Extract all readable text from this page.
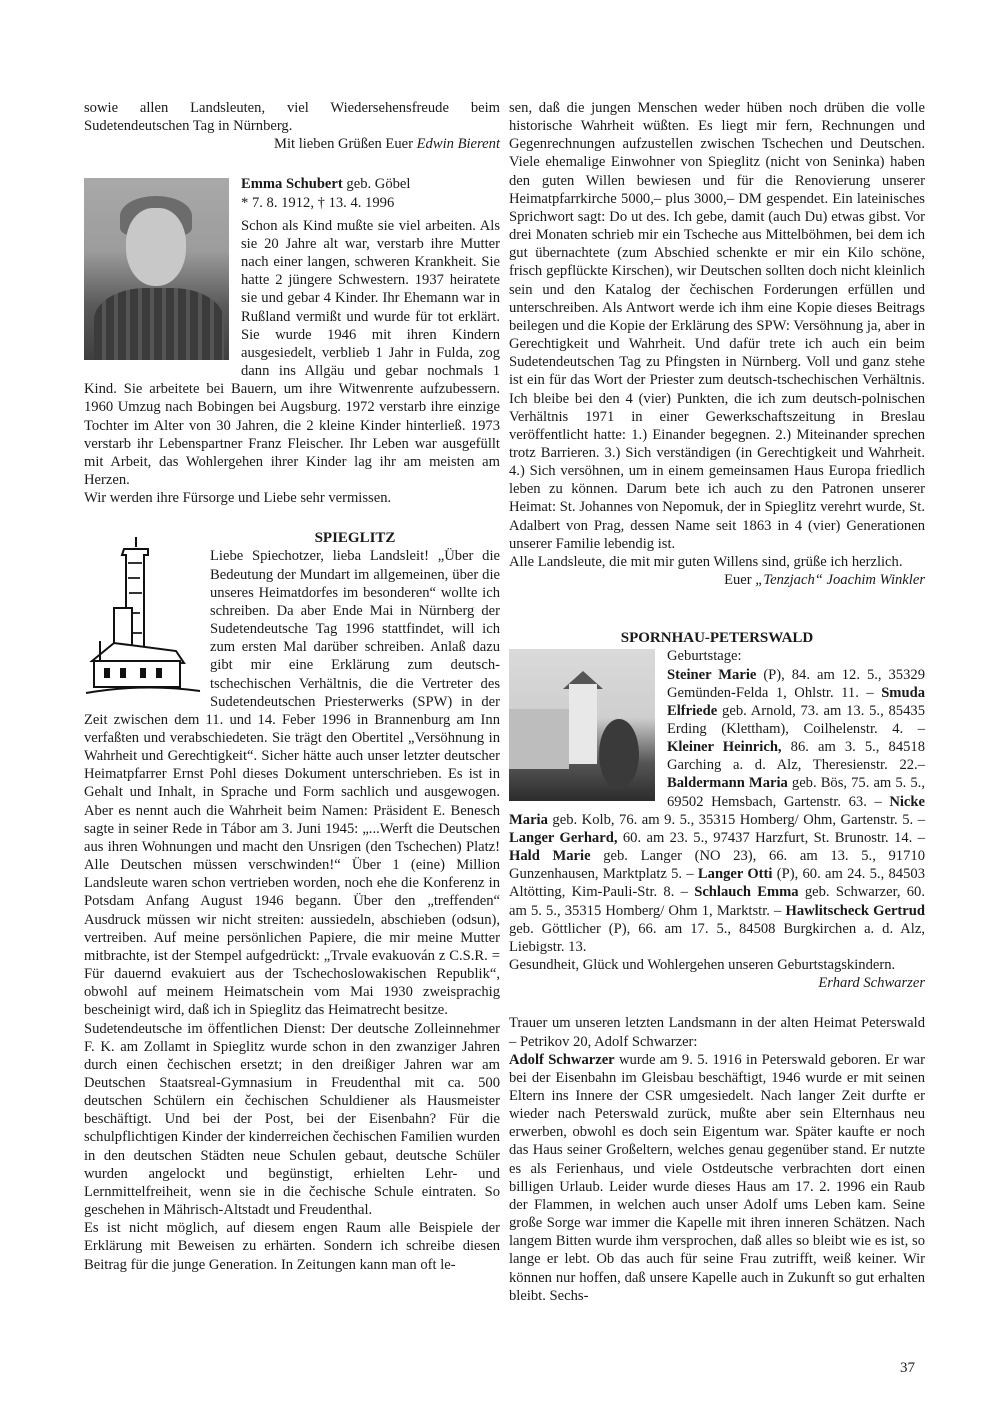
sowie allen Landsleuten, viel Wiedersehensfreude beim Sudetendeutschen Tag in Nürnberg.

Mit lieben Grüßen Euer Edwin Bierent

Emma Schubert geb. Göbel

* 7. 8. 1912, † 13. 4. 1996

Schon als Kind mußte sie viel arbeiten. Als sie 20 Jahre alt war, verstarb ihre Mutter nach einer langen, schweren Krankheit. Sie hatte 2 jüngere Schwestern. 1937 heiratete sie und gebar 4 Kinder. Ihr Ehemann war in Rußland vermißt und wurde für tot erklärt. Sie wurde 1946 mit ihren Kindern ausgesiedelt, verblieb 1 Jahr in Fulda, zog dann ins Allgäu und gebar nochmals 1 Kind. Sie arbeitete bei Bauern, um ihre Witwenrente aufzubessern. 1960 Umzug nach Bobingen bei Augsburg. 1972 verstarb ihre einzige Tochter im Alter von 30 Jahren, die 2 kleine Kinder hinterließ. 1973 verstarb ihr Lebenspartner Franz Fleischer. Ihr Leben war ausgefüllt mit Arbeit, das Wohlergehen ihrer Kinder lag ihr am meisten am Herzen.

Wir werden ihre Fürsorge und Liebe sehr vermissen.

SPIEGLITZ

Liebe Spiechotzer, lieba Landsleit! „Über die Bedeutung der Mundart im allgemeinen, über die unseres Heimatdorfes im besonderen“ wollte ich schreiben. Da aber Ende Mai in Nürnberg der Sudetendeutsche Tag 1996 stattfindet, will ich zum ersten Mal darüber schreiben. Anlaß dazu gibt mir eine Erklärung zum deutsch-tschechischen Verhältnis, die die Vertreter des Sudetendeutschen Priesterwerks (SPW) in der Zeit zwischen dem 11. und 14. Feber 1996 in Brannenburg am Inn verfaßten und verabschiedeten. Sie trägt den Obertitel „Versöhnung in Wahrheit und Gerechtigkeit“. Sicher hätte auch unser letzter deutscher Heimatpfarrer Ernst Pohl dieses Dokument unterschrieben. Es ist in Gehalt und Inhalt, in Sprache und Form sachlich und ausgewogen. Aber es nennt auch die Wahrheit beim Namen: Präsident E. Benesch sagte in seiner Rede in Tábor am 3. Juni 1945: „...Werft die Deutschen aus ihren Wohnungen und macht den Unsrigen (den Tschechen) Platz! Alle Deutschen müssen verschwinden!“ Über 1 (eine) Million Landsleute waren schon vertrieben worden, noch ehe die Konferenz in Potsdam Anfang August 1946 begann. Über den „treffenden“ Ausdruck müssen wir nicht streiten: aussiedeln, abschieben (odsun), vertreiben. Auf meine persönlichen Papiere, die mir meine Mutter mitbrachte, ist der Stempel aufgedrückt: „Trvale evakuován z C.S.R. = Für dauernd evakuiert aus der Tschechoslowakischen Republik“, obwohl auf meinem Heimatschein vom Mai 1930 zweisprachig bescheinigt wird, daß ich in Spieglitz das Heimatrecht besitze.

Sudetendeutsche im öffentlichen Dienst: Der deutsche Zolleinnehmer F. K. am Zollamt in Spieglitz wurde schon in den zwanziger Jahren durch einen čechischen ersetzt; in den dreißiger Jahren war am Deutschen Staatsreal-Gymnasium in Freudenthal mit ca. 500 deutschen Schülern ein čechischen Schuldiener als Hausmeister beschäftigt. Und bei der Post, bei der Eisenbahn? Für die schulpflichtigen Kinder der kinderreichen čechischen Familien wurden in den deutschen Städten neue Schulen gebaut, deutsche Schüler wurden angelockt und begünstigt, erhielten Lehr- und Lernmittelfreiheit, wenn sie in die čechische Schule eintraten. So geschehen in Mährisch-Altstadt und Freudenthal.

Es ist nicht möglich, auf diesem engen Raum alle Beispiele der Erklärung mit Beweisen zu erhärten. Sondern ich schreibe diesen Beitrag für die junge Generation. In Zeitungen kann man oft le-

sen, daß die jungen Menschen weder hüben noch drüben die volle historische Wahrheit wüßten. Es liegt mir fern, Rechnungen und Gegenrechnungen aufzustellen zwischen Tschechen und Deutschen. Viele ehemalige Einwohner von Spieglitz (nicht von Seninka) haben den guten Willen bewiesen und für die Renovierung unserer Heimatpfarrkirche 5000,– plus 3000,– DM gespendet. Ein lateinisches Sprichwort sagt: Do ut des. Ich gebe, damit (auch Du) etwas gibst. Vor drei Monaten schrieb mir ein Tscheche aus Mittelböhmen, bei dem ich gut übernachtete (zum Abschied schenkte er mir ein Kilo schöne, frisch gepflückte Kirschen), wir Deutschen sollten doch nicht kleinlich sein und den Katalog der čechischen Forderungen erfüllen und unterschreiben. Als Antwort werde ich ihm eine Kopie dieses Beitrags beilegen und die Kopie der Erklärung des SPW: Versöhnung ja, aber in Gerechtigkeit und Wahrheit. Und dafür trete ich auch ein beim Sudetendeutschen Tag zu Pfingsten in Nürnberg. Voll und ganz stehe ist ein für das Wort der Priester zum deutsch-tschechischen Verhältnis. Ich bleibe bei den 4 (vier) Punkten, die ich zum deutsch-polnischen Verhältnis 1971 in einer Gewerkschaftszeitung in Breslau veröffentlicht hatte: 1.) Einander begegnen. 2.) Miteinander sprechen trotz Barrieren. 3.) Sich verständigen (in Gerechtigkeit und Wahrheit. 4.) Sich versöhnen, um in einem gemeinsamen Haus Europa friedlich leben zu können. Darum bete ich auch zu den Patronen unserer Heimat: St. Johannes von Nepomuk, der in Spieglitz verehrt wurde, St. Adalbert von Prag, dessen Name seit 1863 in 4 (vier) Generationen unserer Familie lebendig ist.

Alle Landsleute, die mit mir guten Willens sind, grüße ich herzlich.

Euer „Tenzjach“ Joachim Winkler

SPORNHAU-PETERSWALD

Geburtstage:

Steiner Marie (P), 84. am 12. 5., 35329 Gemünden-Felda 1, Ohlstr. 11. – Smuda Elfriede geb. Arnold, 73. am 13. 5., 85435 Erding (Klettham), Coilhelenstr. 4. – Kleiner Heinrich, 86. am 3. 5., 84518 Garching a. d. Alz, Theresienstr. 22.– Baldermann Maria geb. Bös, 75. am 5. 5., 69502 Hemsbach, Gartenstr. 63. – Nicke Maria geb. Kolb, 76. am 9. 5., 35315 Homberg/ Ohm, Gartenstr. 5. – Langer Gerhard, 60. am 23. 5., 97437 Harzfurt, St. Brunostr. 14. – Hald Marie geb. Langer (NO 23), 66. am 13. 5., 91710 Gunzenhausen, Marktplatz 5. – Langer Otti (P), 60. am 24. 5., 84503 Altötting, Kim-Pauli-Str. 8. – Schlauch Emma geb. Schwarzer, 60. am 5. 5., 35315 Homberg/ Ohm 1, Marktstr. – Hawlitscheck Gertrud geb. Göttlicher (P), 66. am 17. 5., 84508 Burgkirchen a. d. Alz, Liebigstr. 13.

Gesundheit, Glück und Wohlergehen unseren Geburtstagskindern.

Erhard Schwarzer

Trauer um unseren letzten Landsmann in der alten Heimat Peterswald – Petrikov 20, Adolf Schwarzer:

Adolf Schwarzer wurde am 9. 5. 1916 in Peterswald geboren. Er war bei der Eisenbahn im Gleisbau beschäftigt, 1946 wurde er mit seinen Eltern ins Innere der CSR umgesiedelt. Nach langer Zeit durfte er wieder nach Peterswald zurück, mußte aber sein Elternhaus neu erwerben, obwohl es doch sein Eigentum war. Später kaufte er noch das Haus seiner Großeltern, welches genau gegenüber stand. Er nutzte es als Ferienhaus, und viele Ostdeutsche verbrachten dort einen billigen Urlaub. Leider wurde dieses Haus am 17. 2. 1996 ein Raub der Flammen, in welchen auch unser Adolf ums Leben kam. Seine große Sorge war immer die Kapelle mit ihren inneren Schätzen. Nach langem Bitten wurde ihm versprochen, daß alles so bleibt wie es ist, so lange er lebt. Ob das auch für seine Frau zutrifft, weiß keiner. Wir können nur hoffen, daß unsere Kapelle auch in Zukunft so gut erhalten bleibt. Sechs-

37
